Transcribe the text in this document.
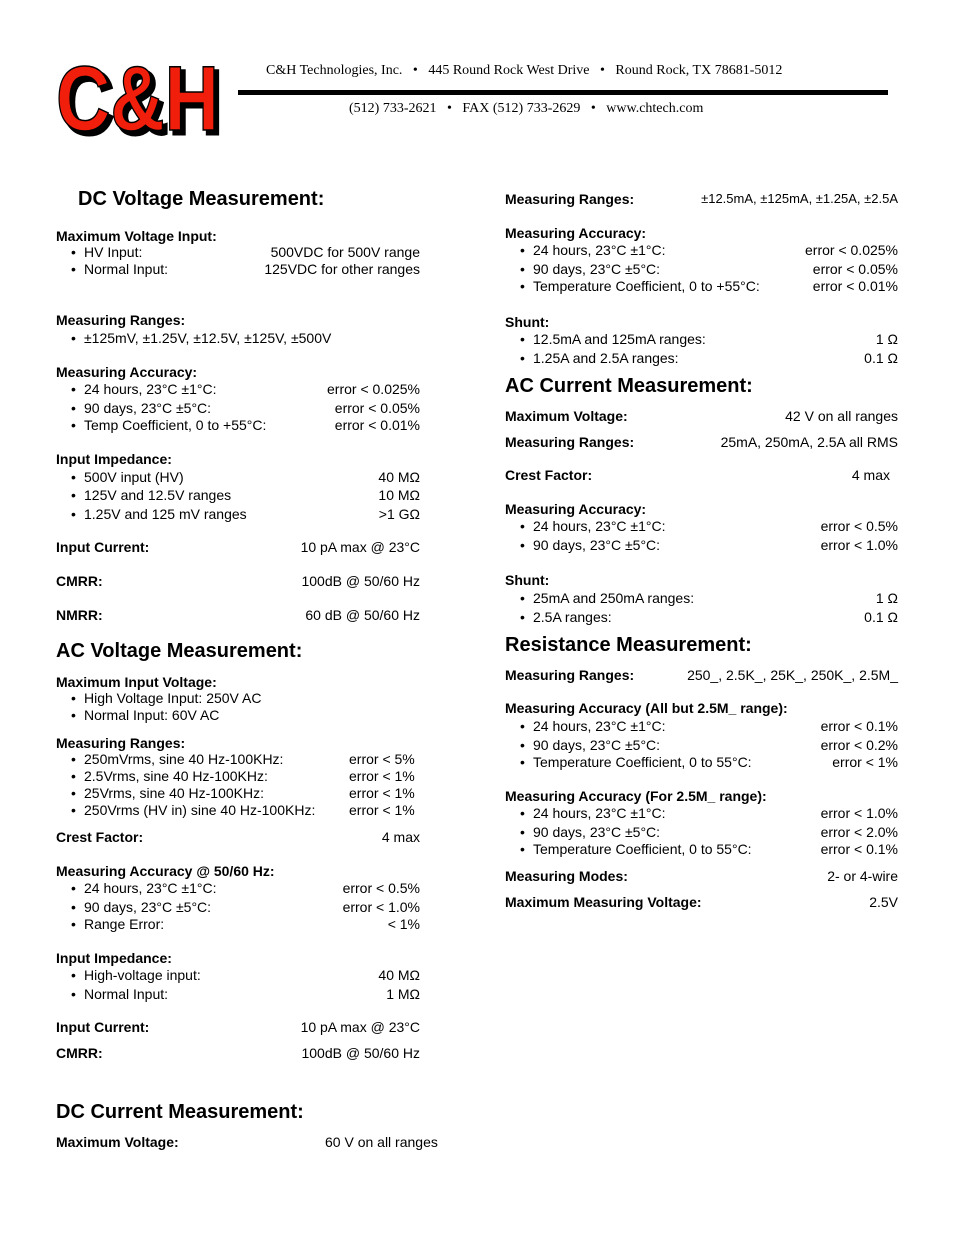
C&H
C&H	C&H Technologies, Inc. • 445 Round Rock West Drive • Round Rock, TX 78681-5012
(512) 733-2621 • FAX (512) 733-2629 • www.chtech.com
DC Voltage Measurement:
Maximum Voltage Input:
• HV Input:	500VDC for 500V range
• Normal Input:	125VDC for other ranges
Measuring Ranges:
• ±125mV, ±1.25V, ±12.5V, ±125V, ±500V
Measuring Accuracy:
• 24 hours, 23°C ±1°C:	error < 0.025%
• 90 days, 23°C ±5°C:	error < 0.05%
• Temp Coefficient, 0 to +55°C:	error < 0.01%
Input Impedance:
• 500V input (HV)	40 MΩ
• 125V and 12.5V ranges	10 MΩ
• 1.25V and 125 mV ranges	>1 GΩ
Input Current:	10 pA max @ 23°C
CMRR:	100dB @ 50/60 Hz
NMRR:	60 dB @ 50/60 Hz
AC Voltage Measurement:
Maximum Input Voltage:
• High Voltage Input: 250V AC
• Normal Input: 60V AC
Measuring Ranges:
• 250mVrms, sine 40 Hz-100KHz:	error < 5%
• 2.5Vrms, sine 40 Hz-100KHz:	error < 1%
• 25Vrms, sine 40 Hz-100KHz:	error < 1%
• 250Vrms (HV in) sine 40 Hz-100KHz: error < 1%
Crest Factor:	4 max
Measuring Accuracy @ 50/60 Hz:
• 24 hours, 23°C ±1°C:	error < 0.5%
• 90 days, 23°C ±5°C:	error < 1.0%
• Range Error:	< 1%
Input Impedance:
• High-voltage input:	40 MΩ
• Normal Input:	1 MΩ
Input Current:	10 pA max @ 23°C
CMRR:	100dB @ 50/60 Hz
DC Current Measurement:
Maximum Voltage:	60 V on all ranges
Measuring Ranges:	±12.5mA, ±125mA, ±1.25A, ±2.5A
Measuring Accuracy:
• 24 hours, 23°C ±1°C:	error < 0.025%
• 90 days, 23°C ±5°C:	error < 0.05%
• Temperature Coefficient, 0 to +55°C:	error < 0.01%
Shunt:
• 12.5mA and 125mA ranges:	1 Ω
• 1.25A and 2.5A ranges:	0.1 Ω
AC Current Measurement:
Maximum Voltage:	42 V on all ranges
Measuring Ranges:	25mA, 250mA, 2.5A all RMS
Crest Factor:	4 max
Measuring Accuracy:
• 24 hours, 23°C ±1°C:	error < 0.5%
• 90 days, 23°C ±5°C:	error < 1.0%
Shunt:
• 25mA and 250mA ranges:	1 Ω
• 2.5A ranges:	0.1 Ω
Resistance Measurement:
Measuring Ranges:	250_, 2.5K_, 25K_, 250K_, 2.5M_
Measuring Accuracy (All but 2.5M_ range):
• 24 hours, 23°C ±1°C:	error < 0.1%
• 90 days, 23°C ±5°C:	error < 0.2%
• Temperature Coefficient, 0 to 55°C:	error < 1%
Measuring Accuracy (For 2.5M_ range):
• 24 hours, 23°C ±1°C:	error < 1.0%
• 90 days, 23°C ±5°C:	error < 2.0%
• Temperature Coefficient, 0 to 55°C:	error < 0.1%
Measuring Modes:	2- or 4-wire
Maximum Measuring Voltage:	2.5V
